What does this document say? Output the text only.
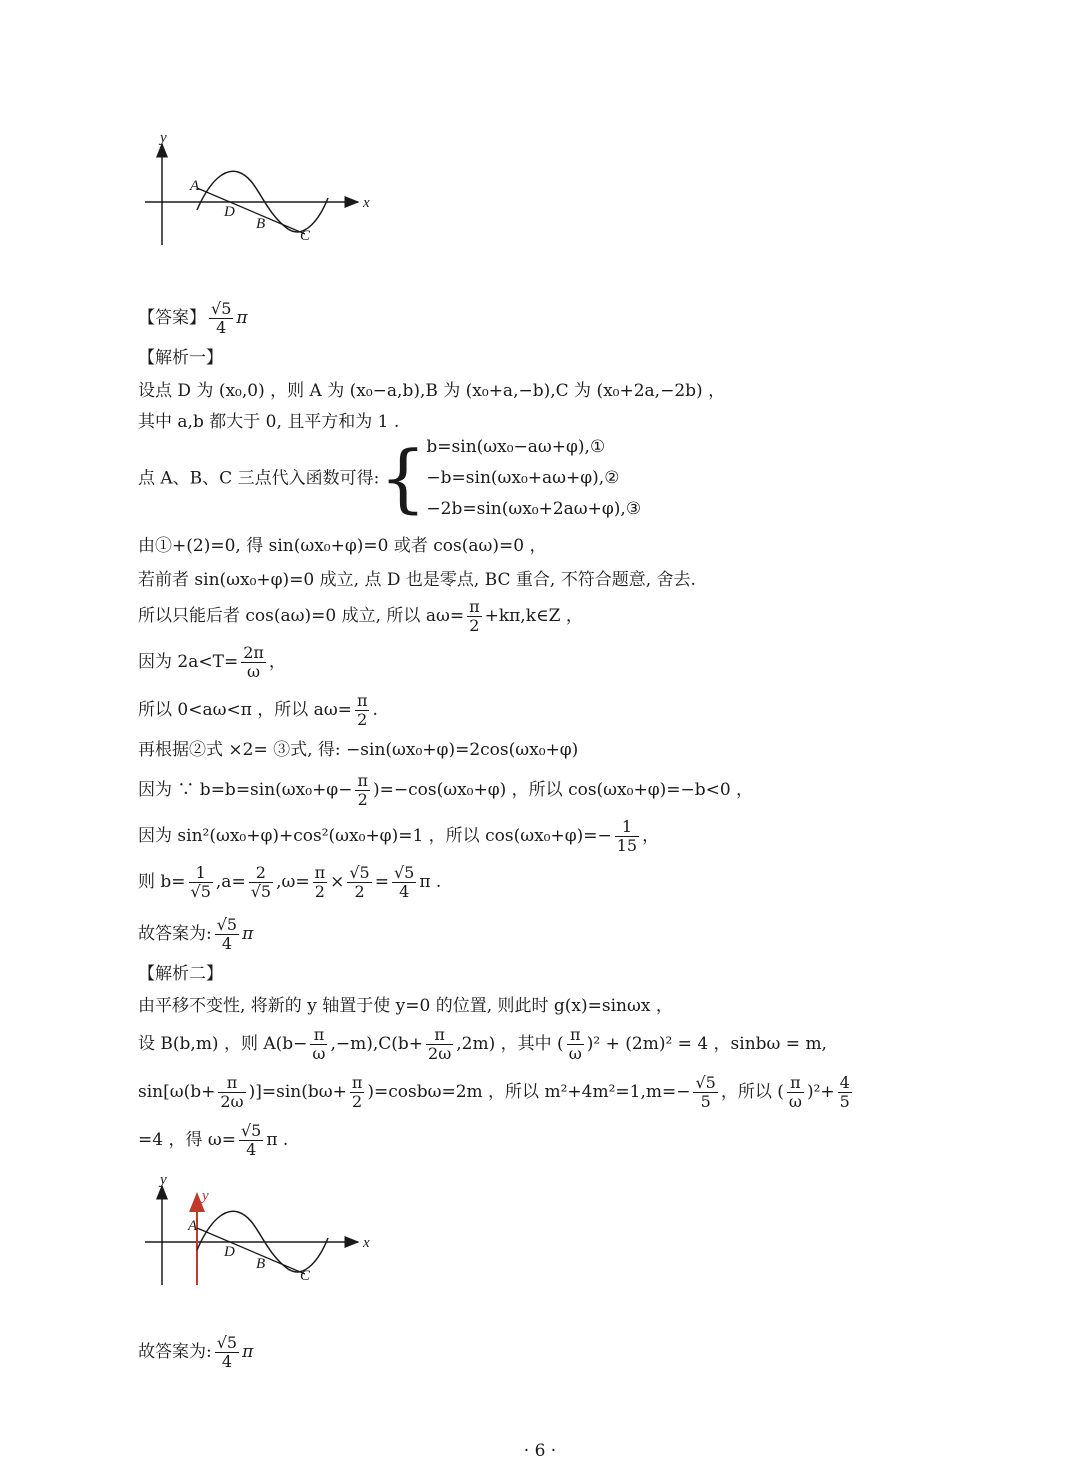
y
x
A
D
B
C
【答案】 $\frac{√5}{4}$ π
【解析一】
设点 D 为 (x₀,0) ，则 A 为 (x₀−a,b),B 为 (x₀+a,−b),C 为 (x₀+2a,−2b) ，
其中 a,b 都大于 0, 且平方和为 1 .
点 A、B、C 三点代入函数可得:{ b=sin(ωx₀−aω+φ),①
−b=sin(ωx₀+aω+φ),②
−2b=sin(ωx₀+2aω+φ),③
由①+(2)=0, 得 sin(ωx₀+φ)=0 或者 cos(aω)=0 ，
若前者 sin(ωx₀+φ)=0 成立, 点 D 也是零点, BC 重合, 不符合题意, 舍去.
所以只能后者 cos(aω)=0 成立, 所以 $a\omega= \frac{\pi}{2}$ +kπ,k∈Z ，
因为 $2a<T= \frac{2\pi}{\omega}$ ，
所以 0<aω<π ，所以 $a\omega= \frac{\pi}{2}$ .
再根据②式 ×2= ③式, 得: −sin(ωx₀+φ)=2cos(ωx₀+φ)
因为 ∵ $b=b=\sin(\omega x_0+\varphi- \frac{\pi}{2} )=-\cos(\omega x_0+\varphi)$ ，所以 cos(ωx₀+φ)=−b<0 ，
因为 sin²(ωx₀+φ)+cos²(ωx₀+φ)=1 ，所以 $\cos(\omega x_0+\varphi)=- \frac{1}{15}$ ，
则 $b= \frac{1}{√5} ,a= \frac{2}{√5} ,\omega= \frac{\pi}{2} \times \frac{√5}{2} = \frac{√5}{4}$ π .
故答案为: $\frac{√5}{4}$ π
【解析二】
由平移不变性, 将新的 y 轴置于使 y=0 的位置, 则此时 g(x)=sinωx ，
设 B(b,m) ，则 $A(b- \frac{\pi}{\omega} ,-m),C(b+ \frac{\pi}{2\omega} ,2m)$ ，其中 ( $\frac{\pi}{\omega} )^2 + (2m)^2 = 4$ ，sinbω = m,
$\sin[\omega(b+ \frac{\pi}{2\omega} )]=\sin(b\omega+ \frac{\pi}{2} )=\cos b\omega=2m$ ，所以 $m^2+4m^2=1,m=- \frac{√5}{5}$ ，所以 ( $\frac{\pi}{\omega} )^2+ \frac{4}{5}$
=4 ，得 $\omega= \frac{√5}{4}$ π .
y
y
x
A
D
B
C
故答案为: $\frac{√5}{4}$ π
· 6 ·
